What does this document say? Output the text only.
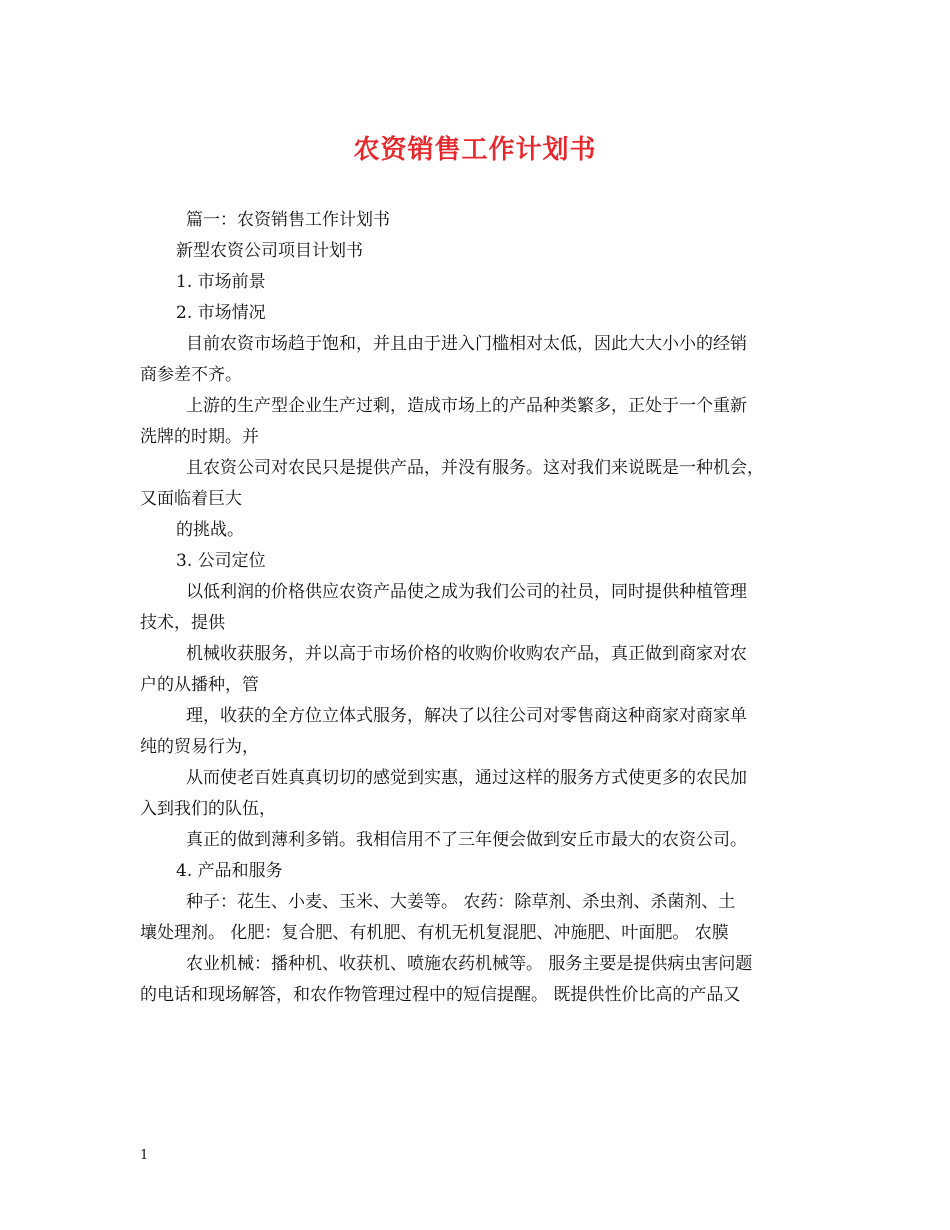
农资销售工作计划书
篇一：农资销售工作计划书
新型农资公司项目计划书
1. 市场前景
2. 市场情况
目前农资市场趋于饱和，并且由于进入门槛相对太低，因此大大小小的经销
商参差不齐。
上游的生产型企业生产过剩，造成市场上的产品种类繁多，正处于一个重新
洗牌的时期。并
且农资公司对农民只是提供产品，并没有服务。这对我们来说既是一种机会，
又面临着巨大
的挑战。
3. 公司定位
以低利润的价格供应农资产品使之成为我们公司的社员，同时提供种植管理
技术，提供
机械收获服务，并以高于市场价格的收购价收购农产品，真正做到商家对农
户的从播种，管
理，收获的全方位立体式服务，解决了以往公司对零售商这种商家对商家单
纯的贸易行为，
从而使老百姓真真切切的感觉到实惠，通过这样的服务方式使更多的农民加
入到我们的队伍，
真正的做到薄利多销。我相信用不了三年便会做到安丘市最大的农资公司。
4. 产品和服务
种子：花生、小麦、玉米、大姜等。 农药：除草剂、杀虫剂、杀菌剂、土
壤处理剂。 化肥：复合肥、有机肥、有机无机复混肥、冲施肥、叶面肥。 农膜
农业机械：播种机、收获机、喷施农药机械等。 服务主要是提供病虫害问题
的电话和现场解答，和农作物管理过程中的短信提醒。 既提供性价比高的产品又
1
